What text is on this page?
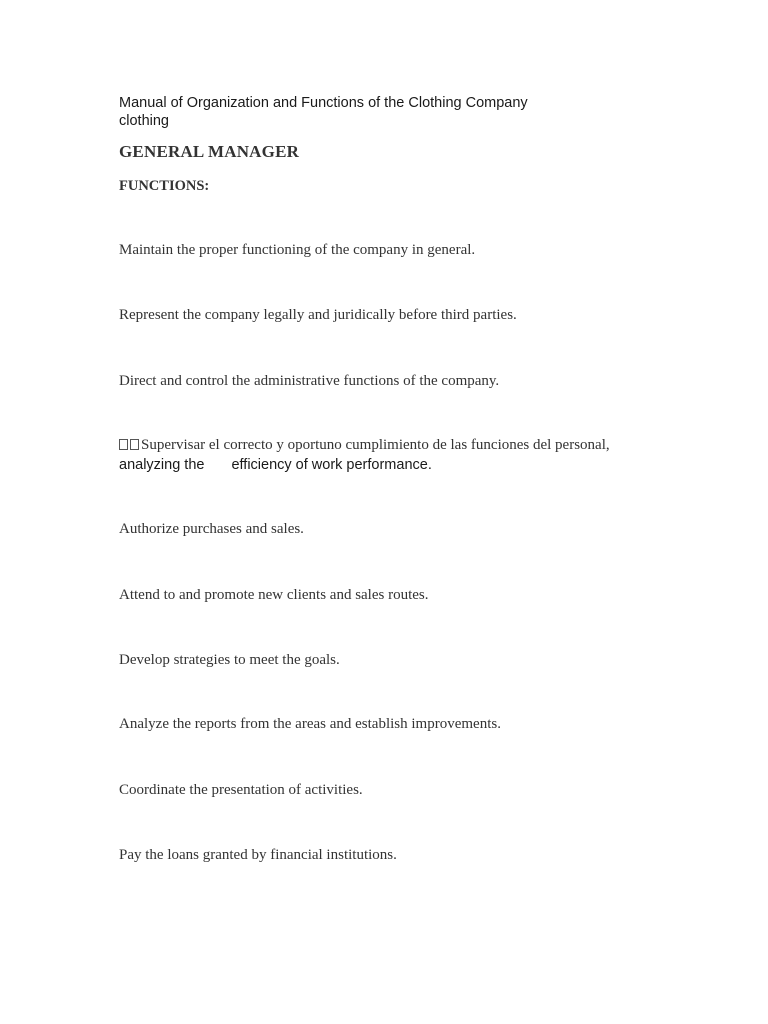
Manual of Organization and Functions of the Clothing Company
clothing
GENERAL MANAGER
FUNCTIONS:
Maintain the proper functioning of the company in general.
Represent the company legally and juridically before third parties.
Direct and control the administrative functions of the company.
Supervisar el correcto y oportuno cumplimiento de las funciones del personal,
analyzing the efficiency of work performance.
Authorize purchases and sales.
Attend to and promote new clients and sales routes.
Develop strategies to meet the goals.
Analyze the reports from the areas and establish improvements.
Coordinate the presentation of activities.
Pay the loans granted by financial institutions.
